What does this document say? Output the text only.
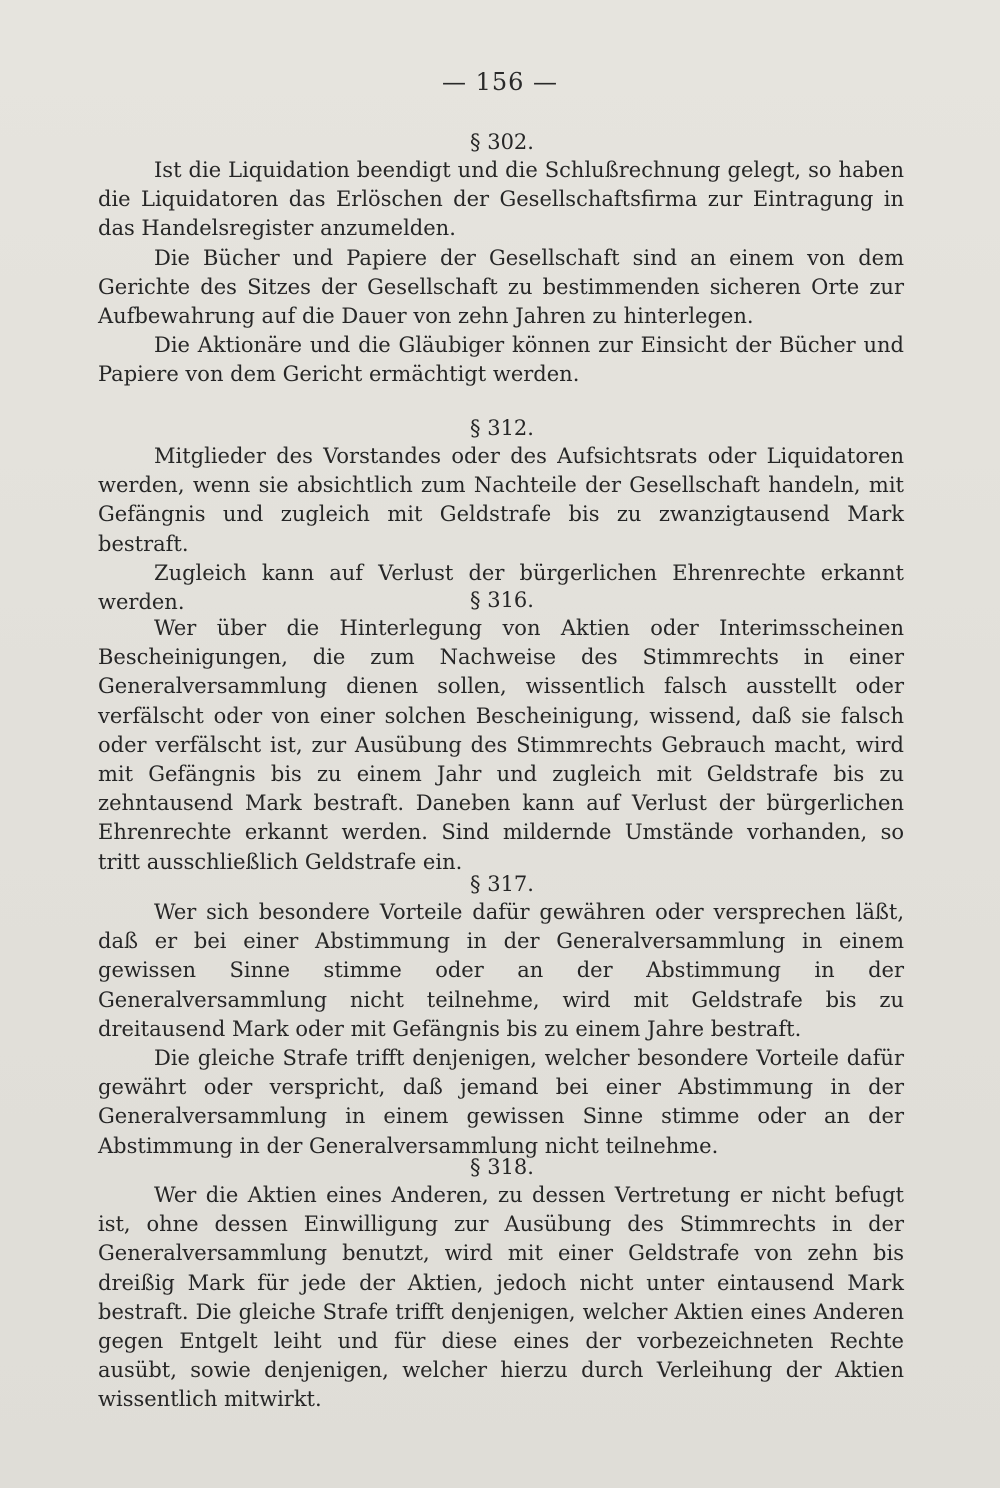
— 156 —
§ 302.

Ist die Liquidation beendigt und die Schlußrechnung gelegt, so haben die Liquidatoren das Erlöschen der Gesellschaftsfirma zur Eintragung in das Handelsregister anzumelden.

Die Bücher und Papiere der Gesellschaft sind an einem von dem Gerichte des Sitzes der Gesellschaft zu bestimmenden sicheren Orte zur Aufbewahrung auf die Dauer von zehn Jahren zu hinterlegen.

Die Aktionäre und die Gläubiger können zur Einsicht der Bücher und Papiere von dem Gericht ermächtigt werden.

§ 312.

Mitglieder des Vorstandes oder des Aufsichtsrats oder Liquidatoren werden, wenn sie absichtlich zum Nachteile der Gesellschaft handeln, mit Gefängnis und zugleich mit Geldstrafe bis zu zwanzigtausend Mark bestraft.

Zugleich kann auf Verlust der bürgerlichen Ehrenrechte erkannt werden.	§ 316.

Wer über die Hinterlegung von Aktien oder Interimsscheinen Bescheinigungen, die zum Nachweise des Stimmrechts in einer Generalversammlung dienen sollen, wissentlich falsch ausstellt oder verfälscht oder von einer solchen Bescheinigung, wissend, daß sie falsch oder verfälscht ist, zur Ausübung des Stimmrechts Gebrauch macht, wird mit Gefängnis bis zu einem Jahr und zugleich mit Geldstrafe bis zu zehntausend Mark bestraft. Daneben kann auf Verlust der bürgerlichen Ehrenrechte erkannt werden. Sind mildernde Umstände vorhanden, so tritt ausschließlich Geldstrafe ein.

§ 317.

Wer sich besondere Vorteile dafür gewähren oder versprechen läßt, daß er bei einer Abstimmung in der Generalversammlung in einem gewissen Sinne stimme oder an der Abstimmung in der Generalversammlung nicht teilnehme, wird mit Geldstrafe bis zu dreitausend Mark oder mit Gefängnis bis zu einem Jahre bestraft.

Die gleiche Strafe trifft denjenigen, welcher besondere Vorteile dafür gewährt oder verspricht, daß jemand bei einer Abstimmung in der Generalversammlung in einem gewissen Sinne stimme oder an der Abstimmung in der Generalversammlung nicht teilnehme.

§ 318.

Wer die Aktien eines Anderen, zu dessen Vertretung er nicht befugt ist, ohne dessen Einwilligung zur Ausübung des Stimmrechts in der Generalversammlung benutzt, wird mit einer Geldstrafe von zehn bis dreißig Mark für jede der Aktien, jedoch nicht unter eintausend Mark bestraft. Die gleiche Strafe trifft denjenigen, welcher Aktien eines Anderen gegen Entgelt leiht und für diese eines der vorbezeichneten Rechte ausübt, sowie denjenigen, welcher hierzu durch Verleihung der Aktien wissentlich mitwirkt.
